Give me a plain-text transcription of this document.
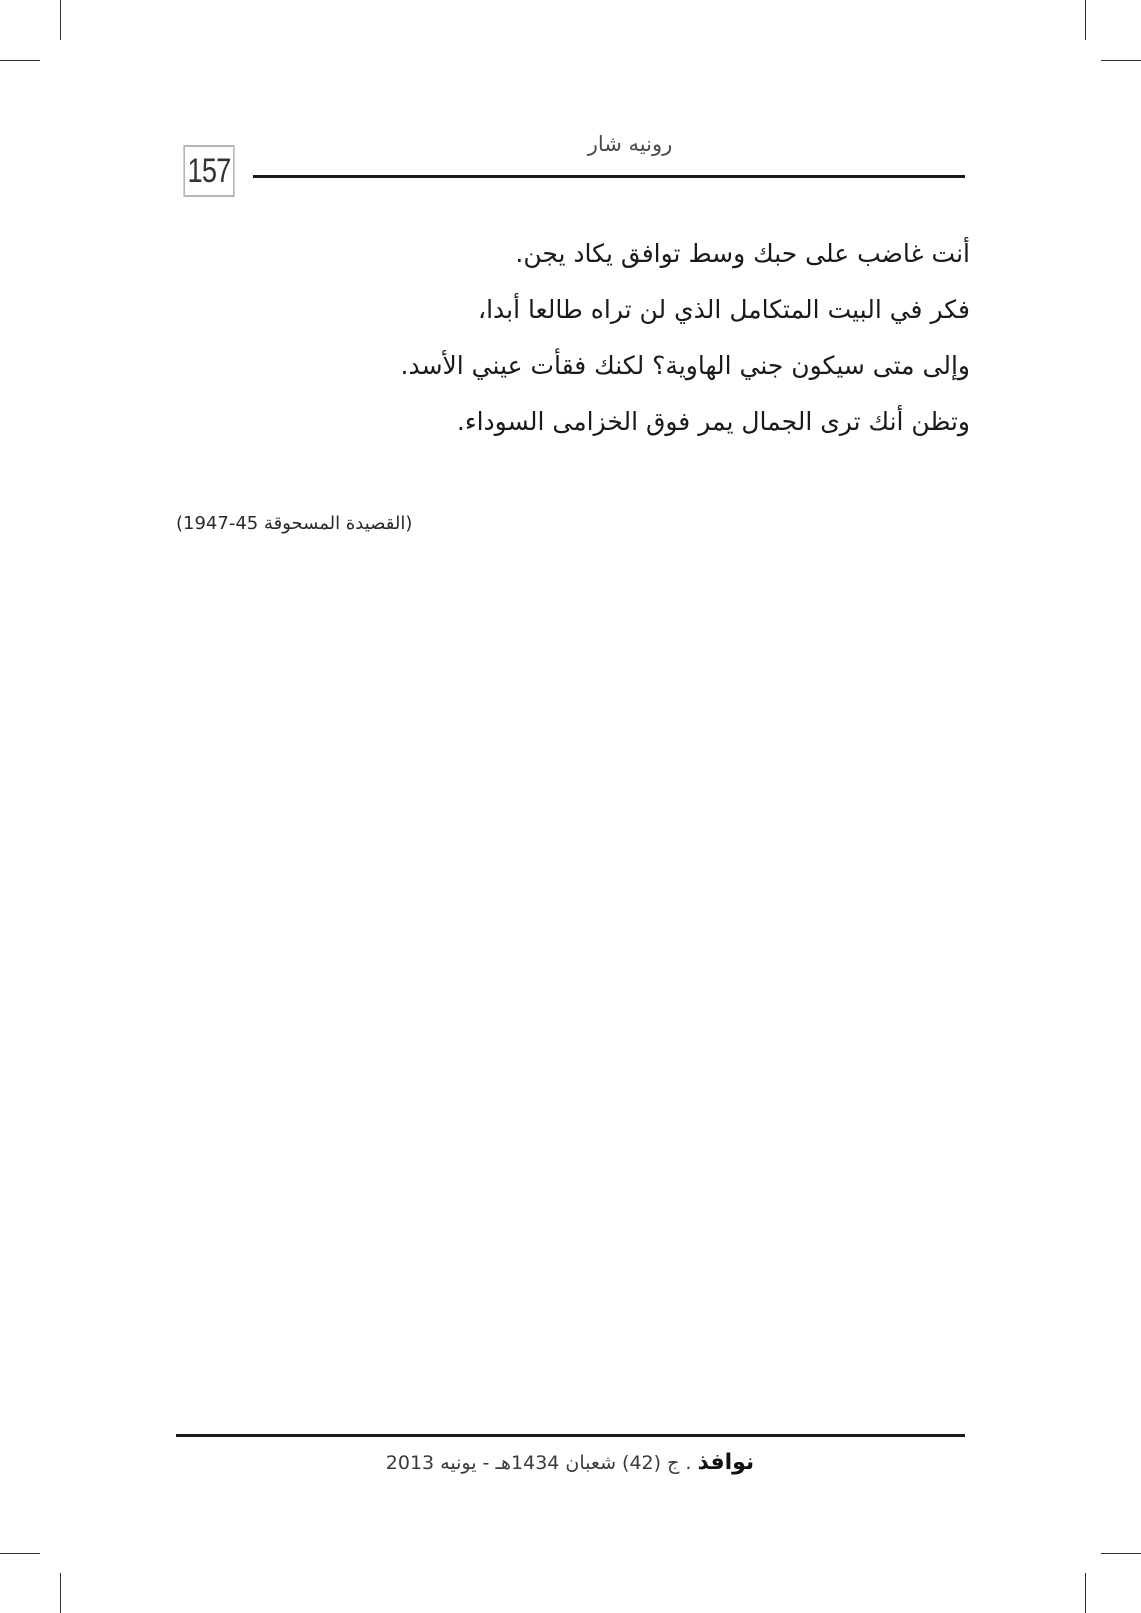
157
رونيه شار
أنت غاضب على حبك وسط توافق يكاد يجن.
فكر في البيت المتكامل الذي لن تراه طالعا أبدا،
وإلى متى سيكون جني الهاوية؟ لكنك فقأت عيني الأسد.
وتظن أنك ترى الجمال يمر فوق الخزامى السوداء.
(القصيدة المسحوقة 45-1947)
نوافذ . ج (42) شعبان 1434هـ - يونيه 2013
